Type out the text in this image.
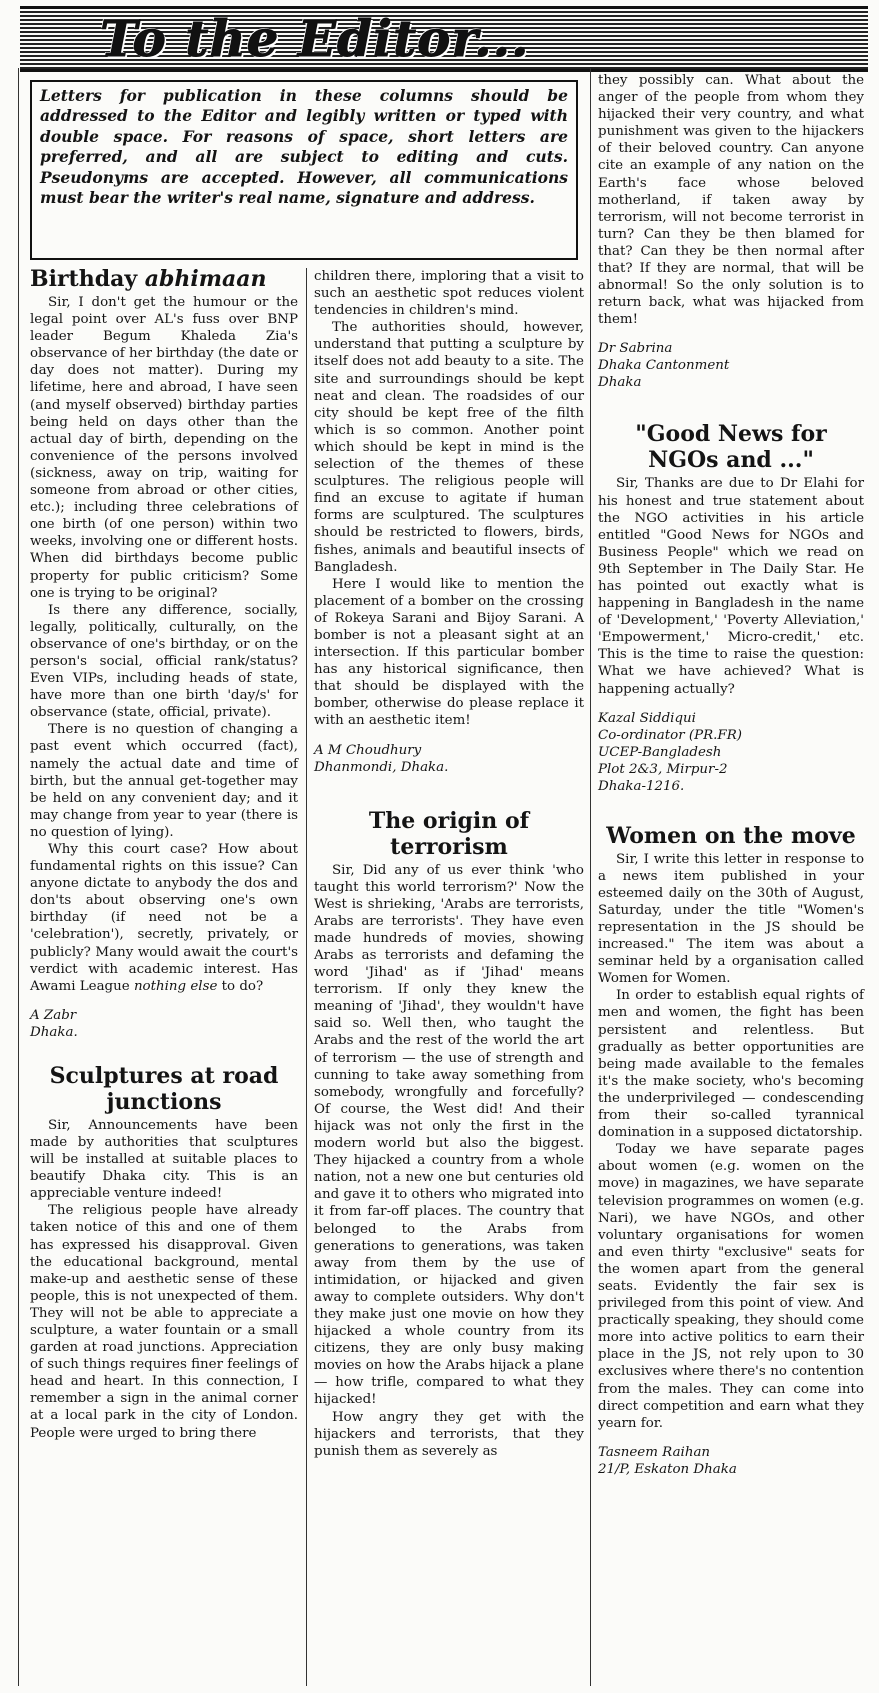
To the Editor...
Letters for publication in these columns should be addressed to the Editor and legibly written or typed with double space. For reasons of space, short letters are preferred, and all are subject to editing and cuts. Pseudonyms are accepted. However, all communications must bear the writer's real name, signature and address.
Birthday abhimaan

Sir, I don't get the humour or the legal point over AL's fuss over BNP leader Begum Khaleda Zia's observance of her birthday (the date or day does not matter). During my lifetime, here and abroad, I have seen (and myself observed) birthday parties being held on days other than the actual day of birth, depending on the convenience of the persons involved (sickness, away on trip, waiting for someone from abroad or other cities, etc.); including three celebrations of one birth (of one person) within two weeks, involving one or different hosts. When did birthdays become public property for public criticism? Some one is trying to be original?

Is there any difference, socially, legally, politically, culturally, on the observance of one's birthday, or on the person's social, official rank/status? Even VIPs, including heads of state, have more than one birth 'day/s' for observance (state, official, private).

There is no question of changing a past event which occurred (fact), namely the actual date and time of birth, but the annual get-together may be held on any convenient day; and it may change from year to year (there is no question of lying).

Why this court case? How about fundamental rights on this issue? Can anyone dictate to anybody the dos and don'ts about observing one's own birthday (if need not be a 'celebration'), secretly, privately, or publicly? Many would await the court's verdict with academic interest. Has Awami League nothing else to do?

A Zabr
Dhaka.
Sculptures at road junctions

Sir, Announcements have been made by authorities that sculptures will be installed at suitable places to beautify Dhaka city. This is an appreciable venture indeed!

The religious people have already taken notice of this and one of them has expressed his disapproval. Given the educational background, mental make-up and aesthetic sense of these people, this is not unexpected of them. They will not be able to appreciate a sculpture, a water fountain or a small garden at road junctions. Appreciation of such things requires finer feelings of head and heart. In this connection, I remember a sign in the animal corner at a local park in the city of London. People were urged to bring there

children there, imploring that a visit to such an aesthetic spot reduces violent tendencies in children's mind.

The authorities should, however, understand that putting a sculpture by itself does not add beauty to a site. The site and surroundings should be kept neat and clean. The roadsides of our city should be kept free of the filth which is so common. Another point which should be kept in mind is the selection of the themes of these sculptures. The religious people will find an excuse to agitate if human forms are sculptured. The sculptures should be restricted to flowers, birds, fishes, animals and beautiful insects of Bangladesh.

Here I would like to mention the placement of a bomber on the crossing of Rokeya Sarani and Bijoy Sarani. A bomber is not a pleasant sight at an intersection. If this particular bomber has any historical significance, then that should be displayed with the bomber, otherwise do please replace it with an aesthetic item!

A M Choudhury
Dhanmondi, Dhaka.
The origin of terrorism

Sir, Did any of us ever think 'who taught this world terrorism?' Now the West is shrieking, 'Arabs are terrorists, Arabs are terrorists'. They have even made hundreds of movies, showing Arabs as terrorists and defaming the word 'Jihad' as if 'Jihad' means terrorism. If only they knew the meaning of 'Jihad', they wouldn't have said so. Well then, who taught the Arabs and the rest of the world the art of terrorism — the use of strength and cunning to take away something from somebody, wrongfully and forcefully? Of course, the West did! And their hijack was not only the first in the modern world but also the biggest. They hijacked a country from a whole nation, not a new one but centuries old and gave it to others who migrated into it from far-off places. The country that belonged to the Arabs from generations to generations, was taken away from them by the use of intimidation, or hijacked and given away to complete outsiders. Why don't they make just one movie on how they hijacked a whole country from its citizens, they are only busy making movies on how the Arabs hijack a plane — how trifle, compared to what they hijacked!

How angry they get with the hijackers and terrorists, that they punish them as severely as

they possibly can. What about the anger of the people from whom they hijacked their very country, and what punishment was given to the hijackers of their beloved country. Can anyone cite an example of any nation on the Earth's face whose beloved motherland, if taken away by terrorism, will not become terrorist in turn? Can they be then blamed for that? Can they be then normal after that? If they are normal, that will be abnormal! So the only solution is to return back, what was hijacked from them!

Dr Sabrina
Dhaka Cantonment
Dhaka
"Good News for NGOs and ..."

Sir, Thanks are due to Dr Elahi for his honest and true statement about the NGO activities in his article entitled "Good News for NGOs and Business People" which we read on 9th September in The Daily Star. He has pointed out exactly what is happening in Bangladesh in the name of 'Development,' 'Poverty Alleviation,' 'Empowerment,' Micro-credit,' etc. This is the time to raise the question: What we have achieved? What is happening actually?

Kazal Siddiqui
Co-ordinator (PR.FR)
UCEP-Bangladesh
Plot 2&3, Mirpur-2
Dhaka-1216.
Women on the move

Sir, I write this letter in response to a news item published in your esteemed daily on the 30th of August, Saturday, under the title "Women's representation in the JS should be increased." The item was about a seminar held by a organisation called Women for Women.

In order to establish equal rights of men and women, the fight has been persistent and relentless. But gradually as better opportunities are being made available to the females it's the make society, who's becoming the underprivileged — condescending from their so-called tyrannical domination in a supposed dictatorship.

Today we have separate pages about women (e.g. women on the move) in magazines, we have separate television programmes on women (e.g. Nari), we have NGOs, and other voluntary organisations for women and even thirty "exclusive" seats for the women apart from the general seats. Evidently the fair sex is privileged from this point of view. And practically speaking, they should come more into active politics to earn their place in the JS, not rely upon to 30 exclusives where there's no contention from the males. They can come into direct competition and earn what they yearn for.

Tasneem Raihan
21/P, Eskaton Dhaka
